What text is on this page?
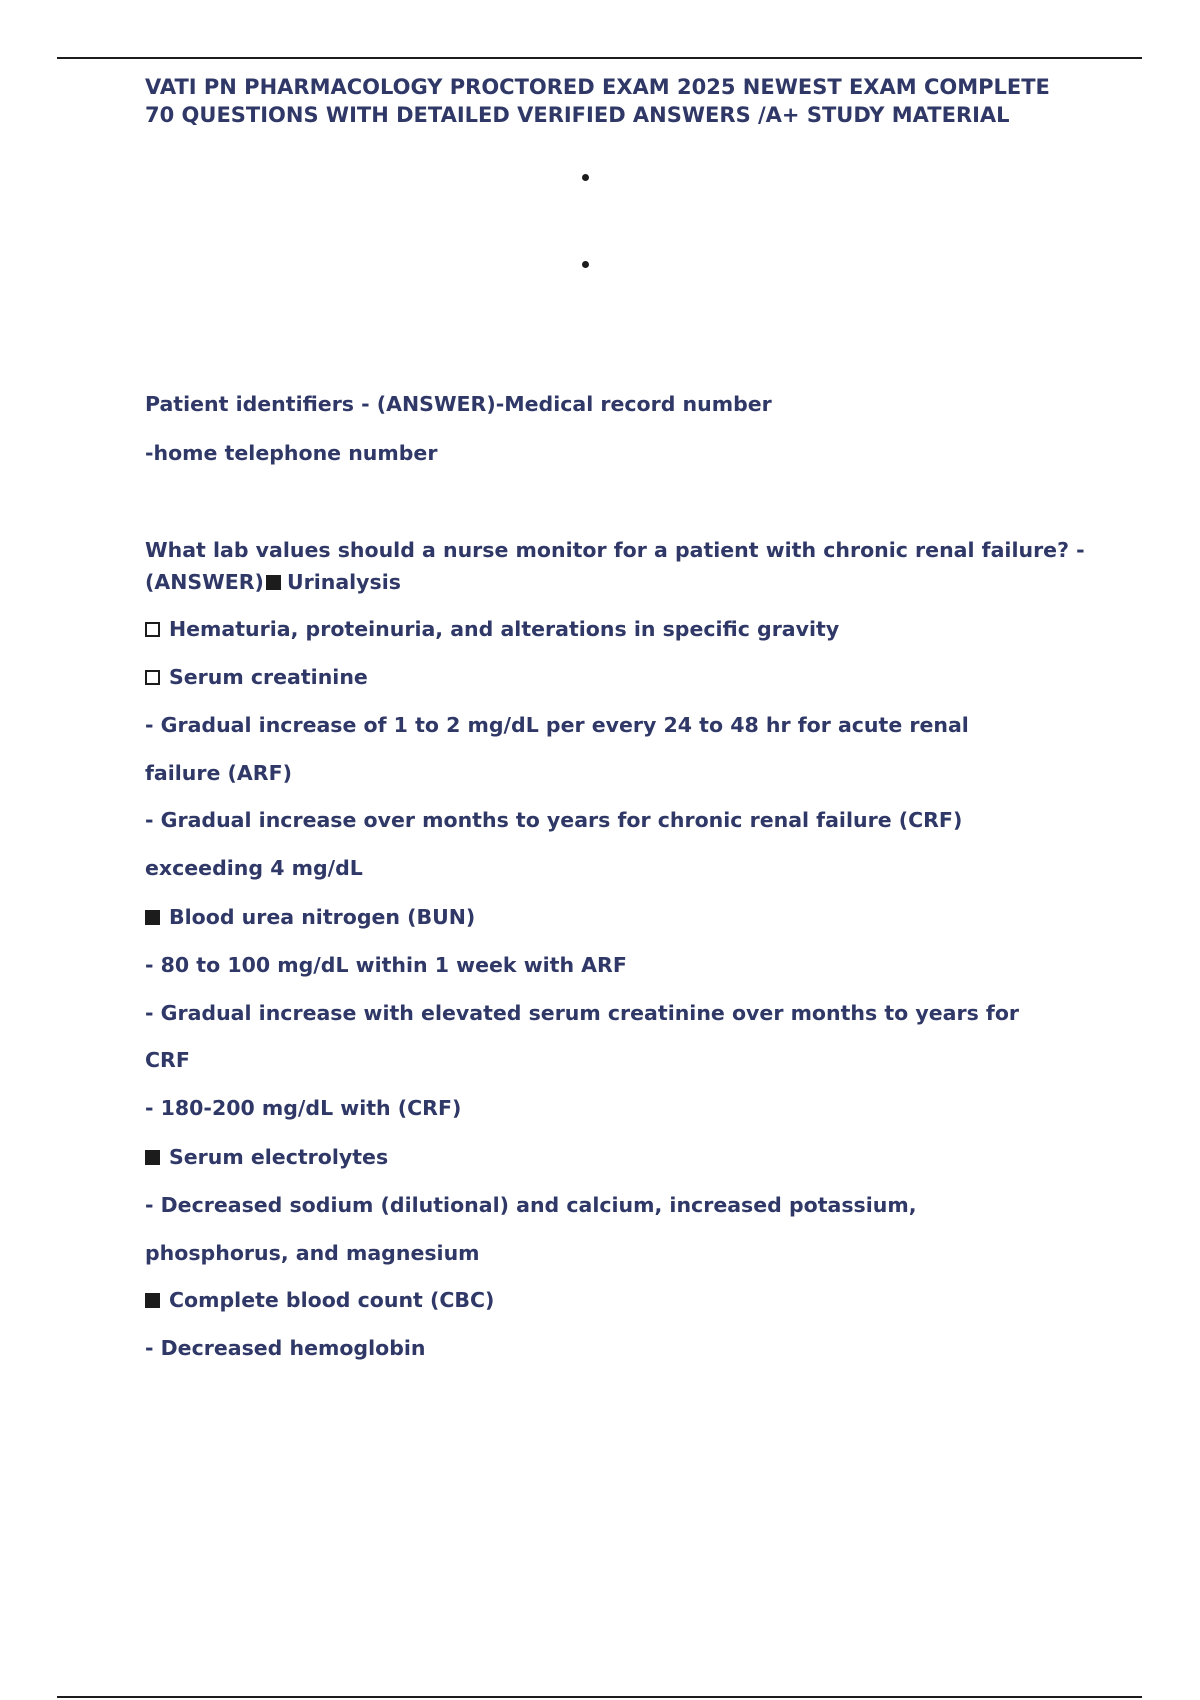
VATI PN PHARMACOLOGY PROCTORED EXAM 2025 NEWEST EXAM COMPLETE 70 QUESTIONS WITH DETAILED VERIFIED ANSWERS /A+ STUDY MATERIAL
Patient identifiers - (ANSWER)-Medical record number
-home telephone number
What lab values should a nurse monitor for a patient with chronic renal failure? -
(ANSWER) Urinalysis
Hematuria, proteinuria, and alterations in specific gravity
Serum creatinine
- Gradual increase of 1 to 2 mg/dL per every 24 to 48 hr for acute renal
failure (ARF)
- Gradual increase over months to years for chronic renal failure (CRF)
exceeding 4 mg/dL
Blood urea nitrogen (BUN)
- 80 to 100 mg/dL within 1 week with ARF
- Gradual increase with elevated serum creatinine over months to years for
CRF
- 180-200 mg/dL with (CRF)
Serum electrolytes
- Decreased sodium (dilutional) and calcium, increased potassium,
phosphorus, and magnesium
Complete blood count (CBC)
- Decreased hemoglobin
